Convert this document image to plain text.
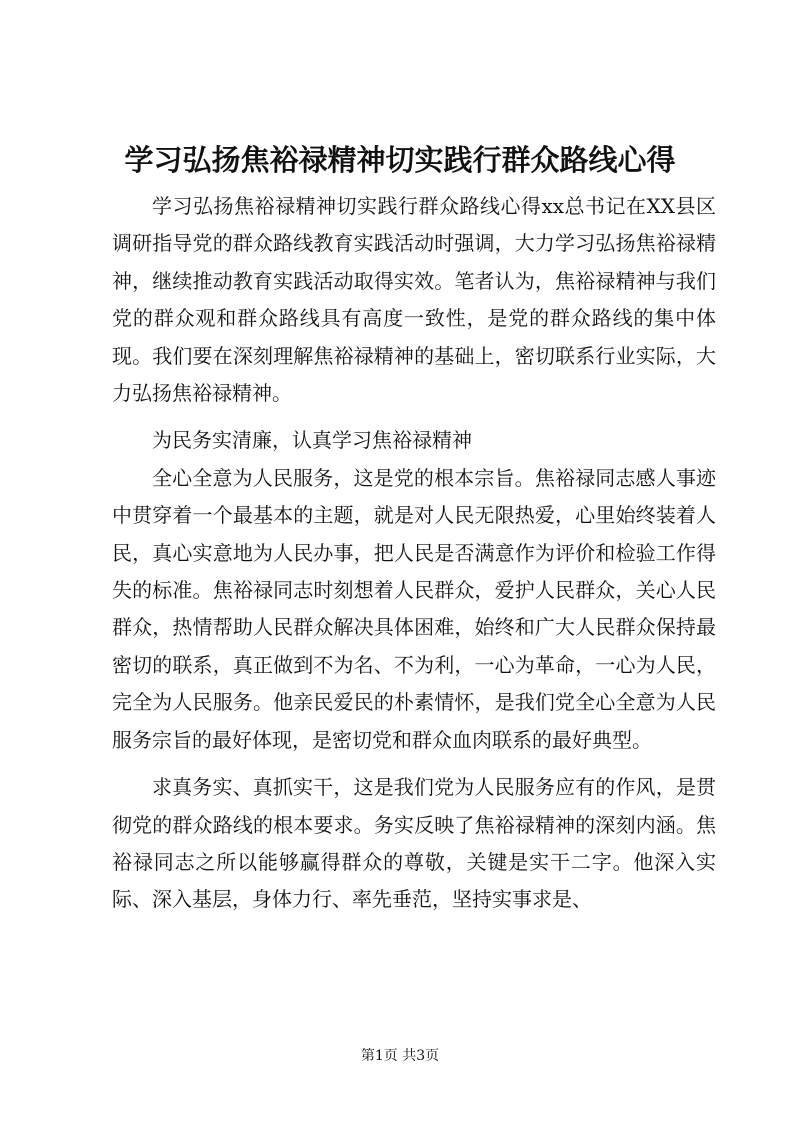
学习弘扬焦裕禄精神切实践行群众路线心得

学习弘扬焦裕禄精神切实践行群众路线心得xx总书记在XX县区调研指导党的群众路线教育实践活动时强调，大力学习弘扬焦裕禄精神，继续推动教育实践活动取得实效。笔者认为，焦裕禄精神与我们党的群众观和群众路线具有高度一致性，是党的群众路线的集中体现。我们要在深刻理解焦裕禄精神的基础上，密切联系行业实际，大力弘扬焦裕禄精神。

为民务实清廉，认真学习焦裕禄精神

全心全意为人民服务，这是党的根本宗旨。焦裕禄同志感人事迹中贯穿着一个最基本的主题，就是对人民无限热爱，心里始终装着人民，真心实意地为人民办事，把人民是否满意作为评价和检验工作得失的标准。焦裕禄同志时刻想着人民群众，爱护人民群众，关心人民群众，热情帮助人民群众解决具体困难，始终和广大人民群众保持最密切的联系，真正做到不为名、不为利，一心为革命，一心为人民，完全为人民服务。他亲民爱民的朴素情怀，是我们党全心全意为人民服务宗旨的最好体现，是密切党和群众血肉联系的最好典型。

求真务实、真抓实干，这是我们党为人民服务应有的作风，是贯彻党的群众路线的根本要求。务实反映了焦裕禄精神的深刻内涵。焦裕禄同志之所以能够赢得群众的尊敬，关键是实干二字。他深入实际、深入基层，身体力行、率先垂范，坚持实事求是、

第1页 共3页
